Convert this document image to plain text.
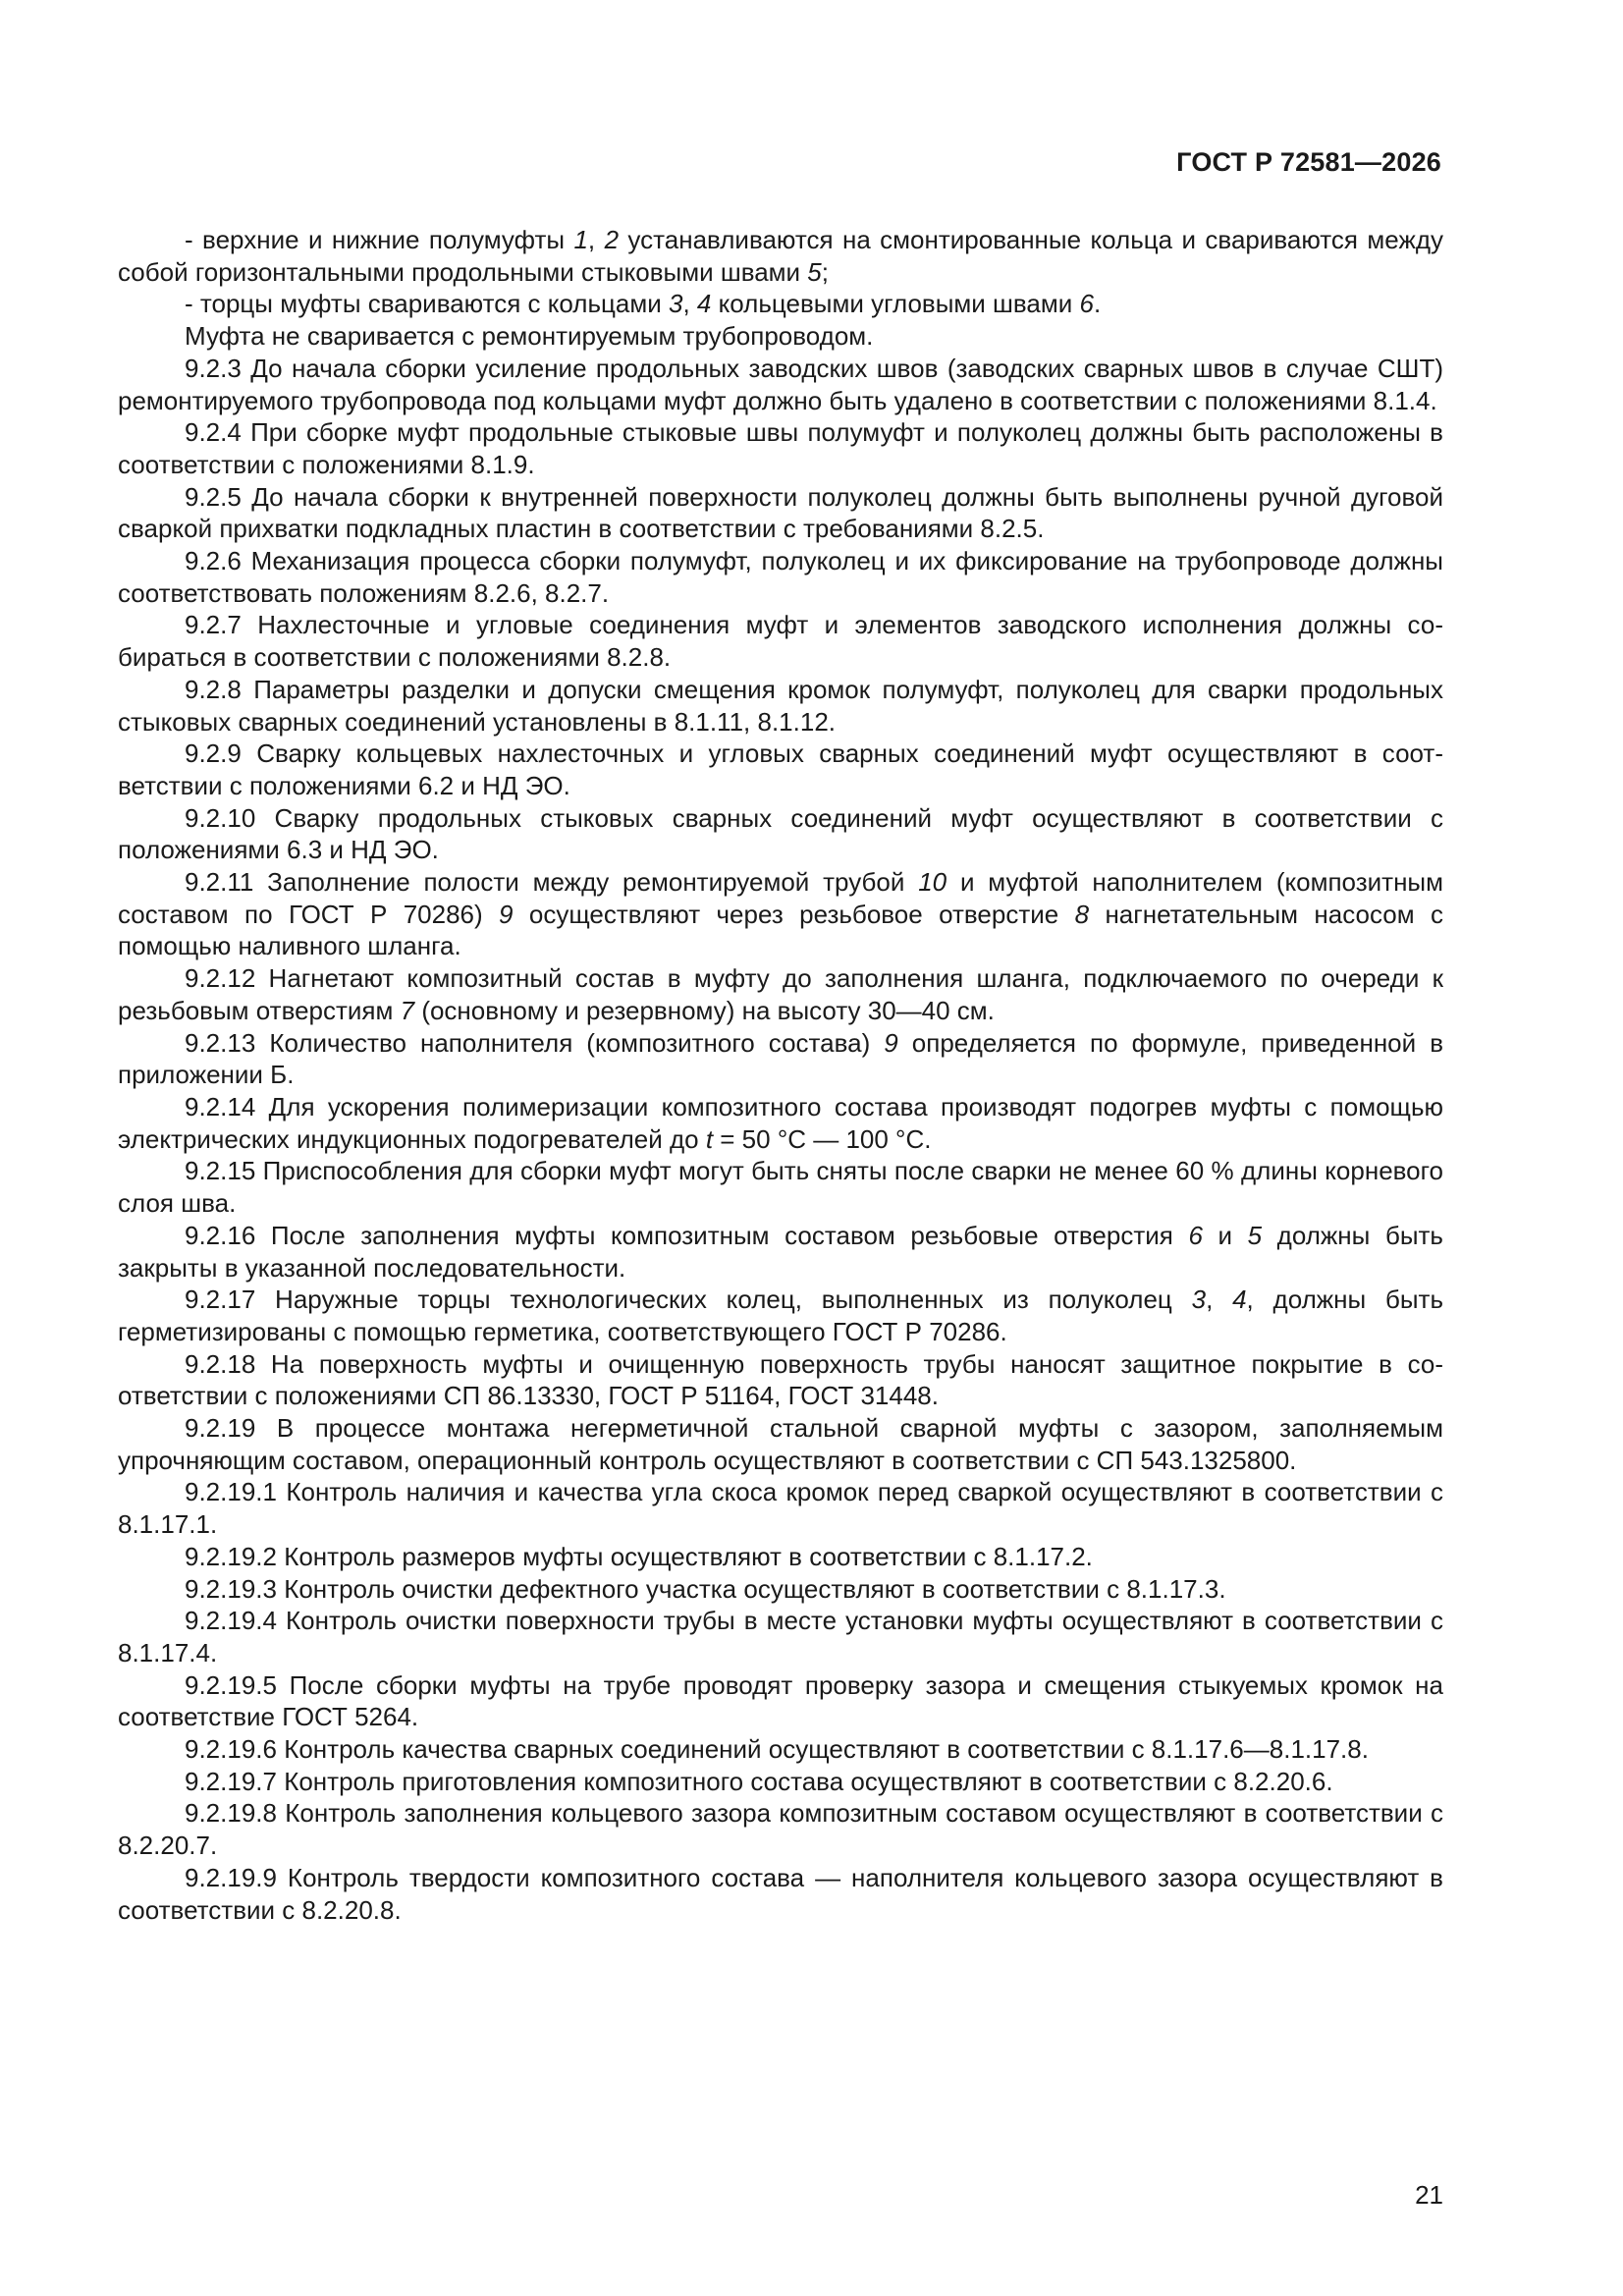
ГОСТ Р 72581—2026

- верхние и нижние полумуфты 1, 2 устанавливаются на смонтированные кольца и свариваются между собой горизонтальными продольными стыковыми швами 5;

- торцы муфты свариваются с кольцами 3, 4 кольцевыми угловыми швами 6.

Муфта не сваривается с ремонтируемым трубопроводом.

9.2.3 До начала сборки усиление продольных заводских швов (заводских сварных швов в случае СШТ) ремонтируемого трубопровода под кольцами муфт должно быть удалено в соответствии с положениями 8.1.4.

9.2.4 При сборке муфт продольные стыковые швы полумуфт и полуколец должны быть расположены в соответствии с положениями 8.1.9.

9.2.5 До начала сборки к внутренней поверхности полуколец должны быть выполнены ручной дуговой сваркой прихватки подкладных пластин в соответствии с требованиями 8.2.5.

9.2.6 Механизация процесса сборки полумуфт, полуколец и их фиксирование на трубопроводе должны соответствовать положениям 8.2.6, 8.2.7.

9.2.7 Нахлесточные и угловые соединения муфт и элементов заводского исполнения должны собираться в соответствии с положениями 8.2.8.

9.2.8 Параметры разделки и допуски смещения кромок полумуфт, полуколец для сварки продольных стыковых сварных соединений установлены в 8.1.11, 8.1.12.

9.2.9 Сварку кольцевых нахлесточных и угловых сварных соединений муфт осуществляют в соответствии с положениями 6.2 и НД ЭО.

9.2.10 Сварку продольных стыковых сварных соединений муфт осуществляют в соответствии с положениями 6.3 и НД ЭО.

9.2.11 Заполнение полости между ремонтируемой трубой 10 и муфтой наполнителем (композитным составом по ГОСТ Р 70286) 9 осуществляют через резьбовое отверстие 8 нагнетательным насосом с помощью наливного шланга.

9.2.12 Нагнетают композитный состав в муфту до заполнения шланга, подключаемого по очереди к резьбовым отверстиям 7 (основному и резервному) на высоту 30—40 см.

9.2.13 Количество наполнителя (композитного состава) 9 определяется по формуле, приведенной в приложении Б.

9.2.14 Для ускорения полимеризации композитного состава производят подогрев муфты с помощью электрических индукционных подогревателей до t = 50 °С — 100 °С.

9.2.15 Приспособления для сборки муфт могут быть сняты после сварки не менее 60 % длины корневого слоя шва.

9.2.16 После заполнения муфты композитным составом резьбовые отверстия 6 и 5 должны быть закрыты в указанной последовательности.

9.2.17 Наружные торцы технологических колец, выполненных из полуколец 3, 4, должны быть герметизированы с помощью герметика, соответствующего ГОСТ Р 70286.

9.2.18 На поверхность муфты и очищенную поверхность трубы наносят защитное покрытие в соответствии с положениями СП 86.13330, ГОСТ Р 51164, ГОСТ 31448.

9.2.19 В процессе монтажа негерметичной стальной сварной муфты с зазором, заполняемым упрочняющим составом, операционный контроль осуществляют в соответствии с СП 543.1325800.

9.2.19.1 Контроль наличия и качества угла скоса кромок перед сваркой осуществляют в соответствии с 8.1.17.1.

9.2.19.2 Контроль размеров муфты осуществляют в соответствии с 8.1.17.2.

9.2.19.3 Контроль очистки дефектного участка осуществляют в соответствии с 8.1.17.3.

9.2.19.4 Контроль очистки поверхности трубы в месте установки муфты осуществляют в соответствии с 8.1.17.4.

9.2.19.5 После сборки муфты на трубе проводят проверку зазора и смещения стыкуемых кромок на соответствие ГОСТ 5264.

9.2.19.6 Контроль качества сварных соединений осуществляют в соответствии с 8.1.17.6—8.1.17.8.

9.2.19.7 Контроль приготовления композитного состава осуществляют в соответствии с 8.2.20.6.

9.2.19.8 Контроль заполнения кольцевого зазора композитным составом осуществляют в соответствии с 8.2.20.7.

9.2.19.9 Контроль твердости композитного состава — наполнителя кольцевого зазора осуществляют в соответствии с 8.2.20.8.

21
